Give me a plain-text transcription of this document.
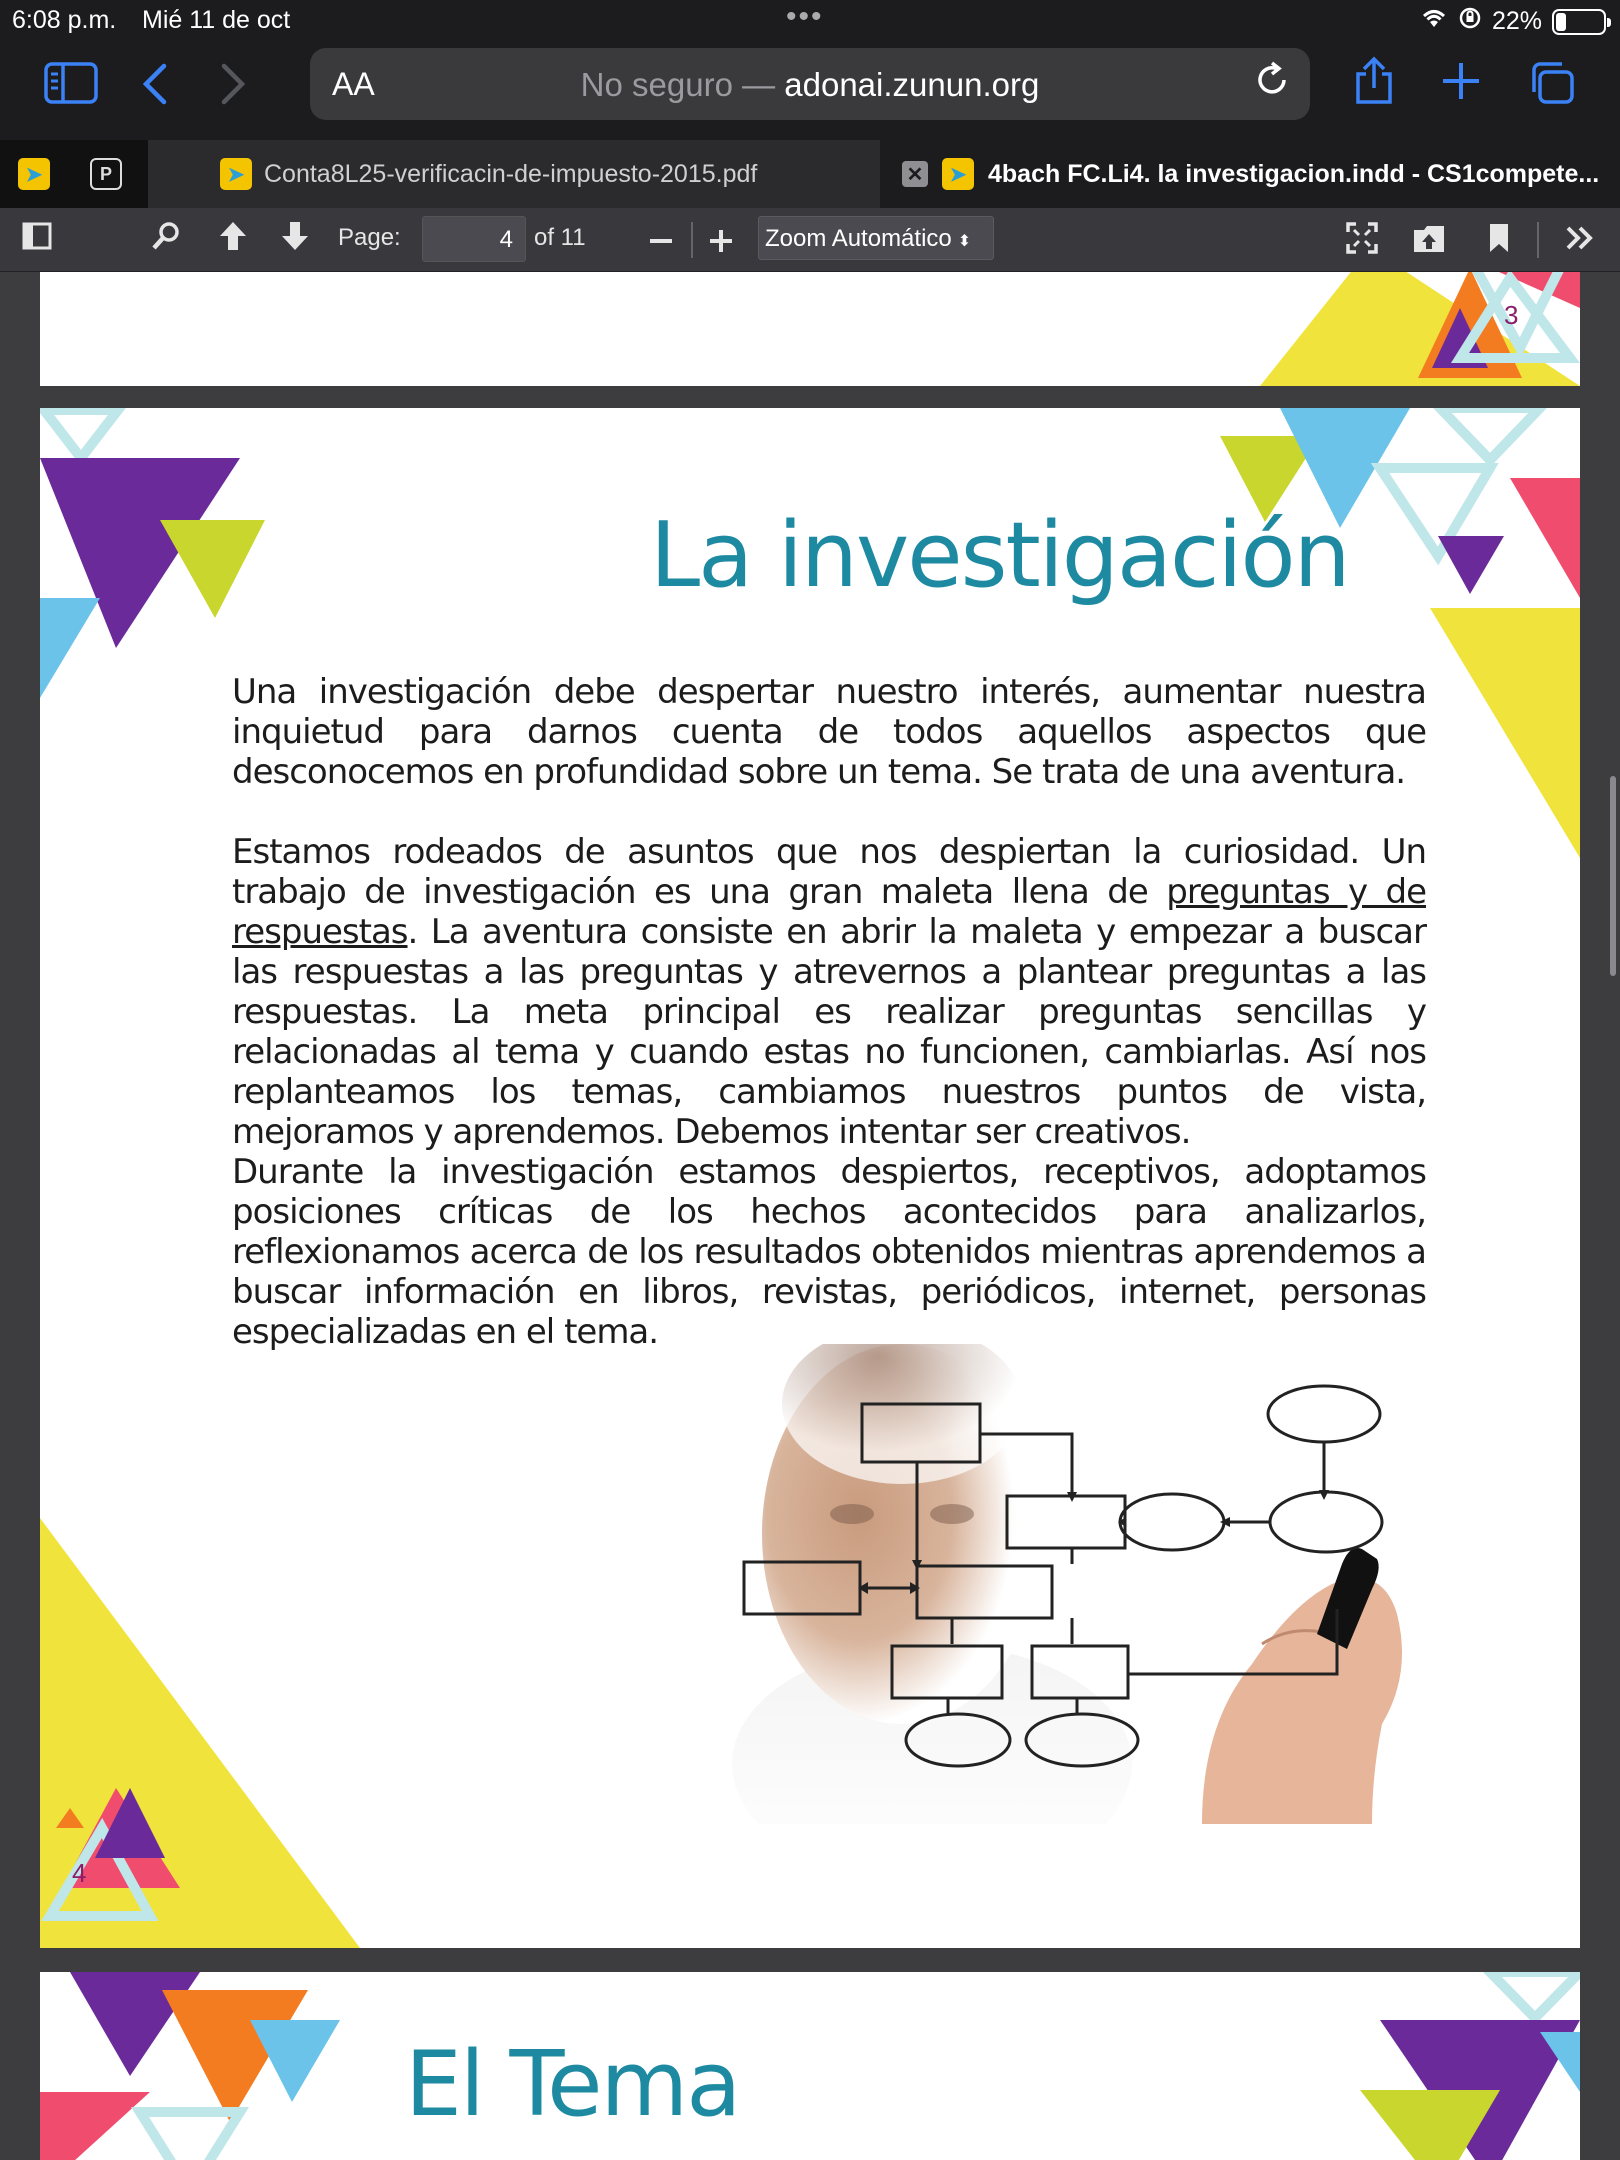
6:08 p.m. Mié 11 de oct	•••	22%
AA	No seguro — adonai.zunun.org
➤	P	➤ Conta8L25-verificacin-de-impuesto-2015.pdf	✕	➤ 4bach FC.Li4. la investigacion.indd - CS1compete...
Page:	4 of 11	Zoom Automático ⬍
3
La investigación

Una investigación debe despertar nuestro interés, aumentar nuestra inquietud para darnos cuenta de todos aquellos aspectos que desconocemos en profundidad sobre un tema. Se trata de una aventura.

Estamos rodeados de asuntos que nos despiertan la curiosidad. Un trabajo de investigación es una gran maleta llena de preguntas y de respuestas. La aventura consiste en abrir la maleta y empezar a buscar las respuestas a las preguntas y atrevernos a plantear preguntas a las respuestas. La meta principal es realizar preguntas sencillas y relacionadas al tema y cuando estas no funcionen, cambiarlas. Así nos replanteamos los temas, cambiamos nuestros puntos de vista, mejoramos y aprendemos. Debemos intentar ser creativos.

Durante la investigación estamos despiertos, receptivos, adoptamos posiciones críticas de los hechos acontecidos para analizarlos, reflexionamos acerca de los resultados obtenidos mientras aprendemos a buscar información en libros, revistas, periódicos, internet, personas especializadas en el tema.

4
El Tema
